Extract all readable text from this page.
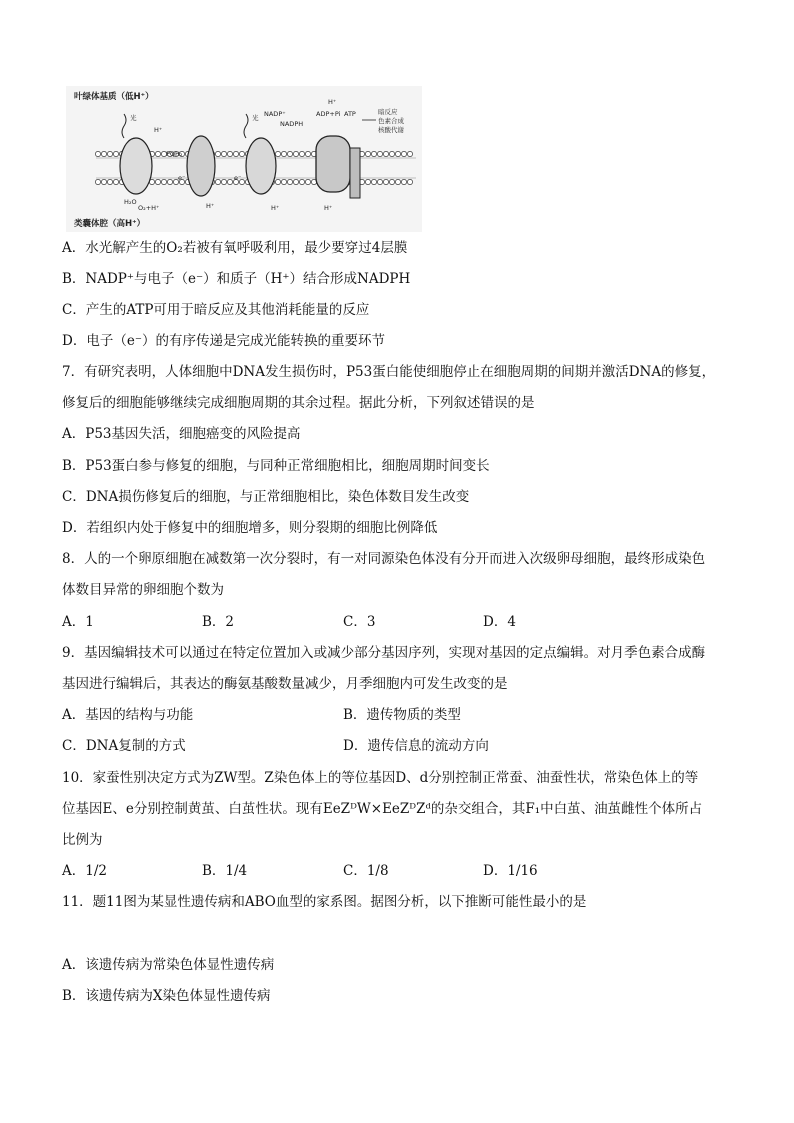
叶绿体基质（低H⁺）
类囊体腔（高H⁺）
光	光 NADP⁺
NADPH
ADP+Pi ATP
H⁺
H⁺
H⁺	H⁺	H⁺
PQH₂
e⁻	e⁻
H₂O
O₂+H⁺
暗反应
色素合成
核酸代谢
A．水光解产生的O₂若被有氧呼吸利用，最少要穿过4层膜
B．NADP⁺与电子（e⁻）和质子（H⁺）结合形成NADPH
C．产生的ATP可用于暗反应及其他消耗能量的反应
D．电子（e⁻）的有序传递是完成光能转换的重要环节
7．有研究表明，人体细胞中DNA发生损伤时，P53蛋白能使细胞停止在细胞周期的间期并激活DNA的修复，
修复后的细胞能够继续完成细胞周期的其余过程。据此分析，下列叙述错误的是
A．P53基因失活，细胞癌变的风险提高
B．P53蛋白参与修复的细胞，与同种正常细胞相比，细胞周期时间变长
C．DNA损伤修复后的细胞，与正常细胞相比，染色体数目发生改变
D．若组织内处于修复中的细胞增多，则分裂期的细胞比例降低
8．人的一个卵原细胞在减数第一次分裂时，有一对同源染色体没有分开而进入次级卵母细胞，最终形成染色
体数目异常的卵细胞个数为
A．1	B．2	C．3	D．4
9．基因编辑技术可以通过在特定位置加入或减少部分基因序列，实现对基因的定点编辑。对月季色素合成酶
基因进行编辑后，其表达的酶氨基酸数量减少，月季细胞内可发生改变的是
A．基因的结构与功能	B．遗传物质的类型
C．DNA复制的方式	D．遗传信息的流动方向
10．家蚕性别决定方式为ZW型。Z染色体上的等位基因D、d分别控制正常蚕、油蚕性状，常染色体上的等
位基因E、e分别控制黄茧、白茧性状。现有EeZᴰW×EeZᴰZᵈ的杂交组合，其F₁中白茧、油茧雌性个体所占
比例为
A．1/2	B．1/4	C．1/8	D．1/16
11．题11图为某显性遗传病和ABO血型的家系图。据图分析，以下推断可能性最小的是
A．该遗传病为常染色体显性遗传病
B．该遗传病为X染色体显性遗传病
